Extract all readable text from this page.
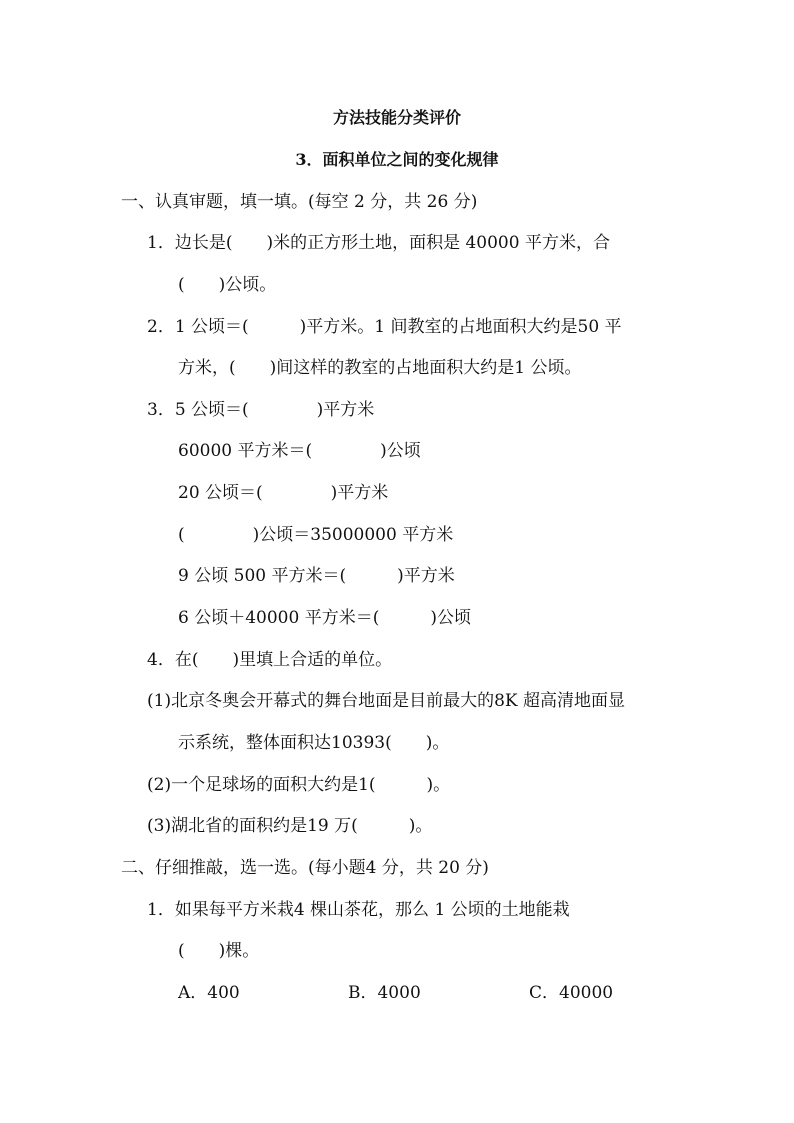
方法技能分类评价
3．面积单位之间的变化规律
一、认真审题，填一填。(每空 2 分，共 26 分)
1．边长是(　　)米的正方形土地，面积是 40000 平方米，合
(　　)公顷。
2．1 公顷＝(　　　)平方米。1 间教室的占地面积大约是50 平
方米，(　　)间这样的教室的占地面积大约是1 公顷。
3．5 公顷＝(　　　　)平方米
60000 平方米＝(　　　　)公顷
20 公顷＝(　　　　)平方米
(　　　　)公顷＝35000000 平方米
9 公顷 500 平方米＝(　　　)平方米
6 公顷＋40000 平方米＝(　　　)公顷
4．在(　　)里填上合适的单位。
(1)北京冬奥会开幕式的舞台地面是目前最大的8K 超高清地面显
示系统，整体面积达10393(　　)。
(2)一个足球场的面积大约是1(　　　)。
(3)湖北省的面积约是19 万(　　　)。
二、仔细推敲，选一选。(每小题4 分，共 20 分)
1．如果每平方米栽4 棵山茶花，那么 1 公顷的土地能栽
(　　)棵。
A．400	B．4000	C．40000
